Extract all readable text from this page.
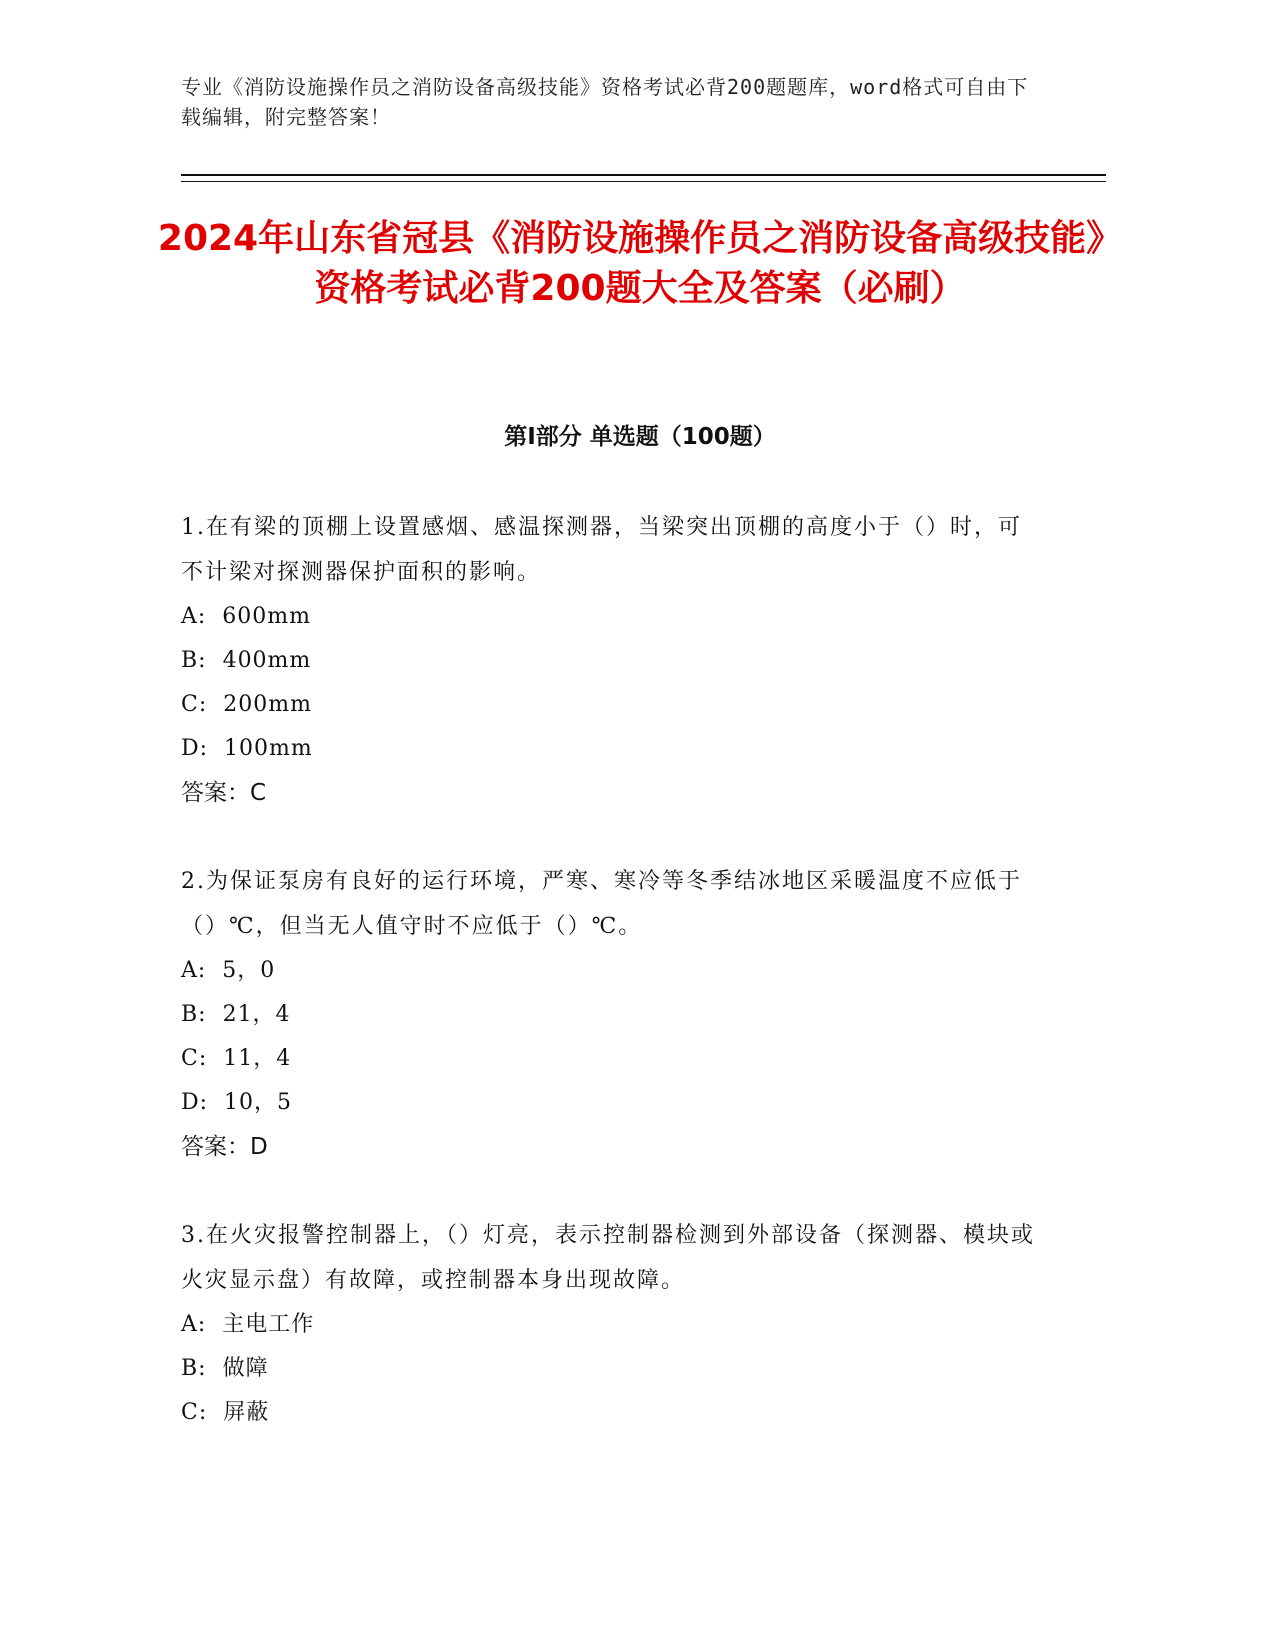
专业《消防设施操作员之消防设备高级技能》资格考试必背200题题库，word格式可自由下载编辑，附完整答案！
2024年山东省冠县《消防设施操作员之消防设备高级技能》资格考试必背200题大全及答案（必刷）
第I部分 单选题（100题）

1.在有梁的顶棚上设置感烟、感温探测器，当梁突出顶棚的高度小于（）时，可不计梁对探测器保护面积的影响。

A:  600mm
B:  400mm
C:  200mm
D:  100mm
答案：C

2.为保证泵房有良好的运行环境，严寒、寒冷等冬季结冰地区采暖温度不应低于（）℃，但当无人值守时不应低于（）℃。

A:  5，0
B:  21，4
C:  11，4
D:  10，5
答案：D

3.在火灾报警控制器上，（）灯亮，表示控制器检测到外部设备（探测器、模块或火灾显示盘）有故障，或控制器本身出现故障。

A:  主电工作
B:  做障
C:  屏蔽
